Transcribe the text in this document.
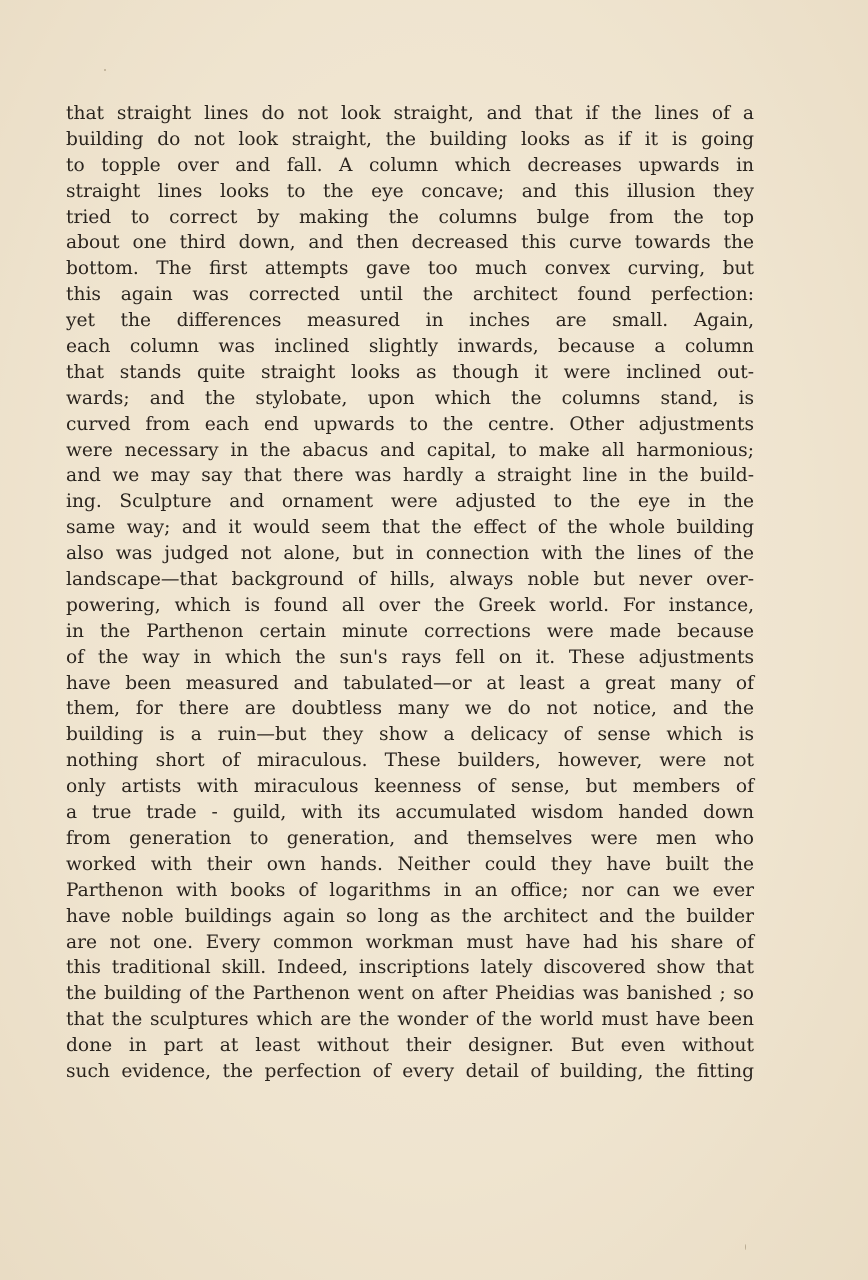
that straight lines do not look straight, and that if the lines of a
building do not look straight, the building looks as if it is going
to topple over and fall. A column which decreases upwards in
straight lines looks to the eye concave; and this illusion they
tried to correct by making the columns bulge from the top
about one third down, and then decreased this curve towards the
bottom. The first attempts gave too much convex curving, but
this again was corrected until the architect found perfection:
yet the differences measured in inches are small. Again,
each column was inclined slightly inwards, because a column
that stands quite straight looks as though it were inclined out-
wards; and the stylobate, upon which the columns stand, is
curved from each end upwards to the centre. Other adjustments
were necessary in the abacus and capital, to make all harmonious;
and we may say that there was hardly a straight line in the build-
ing. Sculpture and ornament were adjusted to the eye in the
same way; and it would seem that the effect of the whole building
also was judged not alone, but in connection with the lines of the
landscape—that background of hills, always noble but never over-
powering, which is found all over the Greek world. For instance,
in the Parthenon certain minute corrections were made because
of the way in which the sun's rays fell on it. These adjustments
have been measured and tabulated—or at least a great many of
them, for there are doubtless many we do not notice, and the
building is a ruin—but they show a delicacy of sense which is
nothing short of miraculous. These builders, however, were not
only artists with miraculous keenness of sense, but members of
a true trade - guild, with its accumulated wisdom handed down
from generation to generation, and themselves were men who
worked with their own hands. Neither could they have built the
Parthenon with books of logarithms in an office; nor can we ever
have noble buildings again so long as the architect and the builder
are not one. Every common workman must have had his share of
this traditional skill. Indeed, inscriptions lately discovered show that
the building of the Parthenon went on after Pheidias was banished ; so
that the sculptures which are the wonder of the world must have been
done in part at least without their designer. But even without
such evidence, the perfection of every detail of building, the fitting
